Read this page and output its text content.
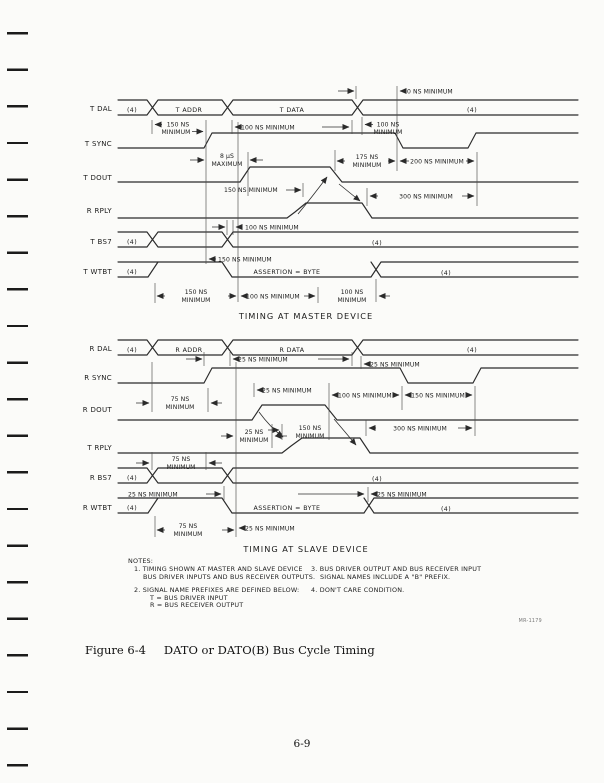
T DAL
T SYNC
T DOUT
R RPLY
T BS7
T WTBT
(4)	T ADDR	T DATA	(4)
(4)	(4)
(4)	ASSERTION = BYTE	(4)
0 NS MINIMUM
150 NS
MINIMUM
100 NS MINIMUM	100 NS
MINIMUM
8 μS
MAXIMUM
175 NS
MINIMUM
200 NS MINIMUM
150 NS MINIMUM
300 NS MINIMUM
100 NS MINIMUM
150 NS MINIMUM
150 NS
MINIMUM	100 NS MINIMUM
100 NS
MINIMUM
TIMING AT MASTER DEVICE
R DAL
R SYNC
R DOUT
T RPLY
R BS7
R WTBT
(4)	R ADDR	R DATA	(4)
(4)	(4)
(4)	ASSERTION = BYTE	(4)
25 NS MINIMUM
25 NS MINIMUM
75 NS
MINIMUM
25 NS MINIMUM
100 NS MINIMUM	150 NS MINIMUM
25 NS
MINIMUM
150 NS
MINIMUM
300 NS MINIMUM
75 NS
MINIMUM
25 NS MINIMUM	25 NS MINIMUM
75 NS
MINIMUM
25 NS MINIMUM
TIMING AT SLAVE DEVICE
NOTES:
1. TIMING SHOWN AT MASTER AND SLAVE DEVICE
BUS DRIVER INPUTS AND BUS RECEIVER OUTPUTS.
2. SIGNAL NAME PREFIXES ARE DEFINED BELOW:
T = BUS DRIVER INPUT
R = BUS RECEIVER OUTPUT
3. BUS DRIVER OUTPUT AND BUS RECEIVER INPUT
SIGNAL NAMES INCLUDE A "B" PREFIX.
4. DON'T CARE CONDITION.
MR-1179
Figure 6-4 DATO or DATO(B) Bus Cycle Timing
6-9
